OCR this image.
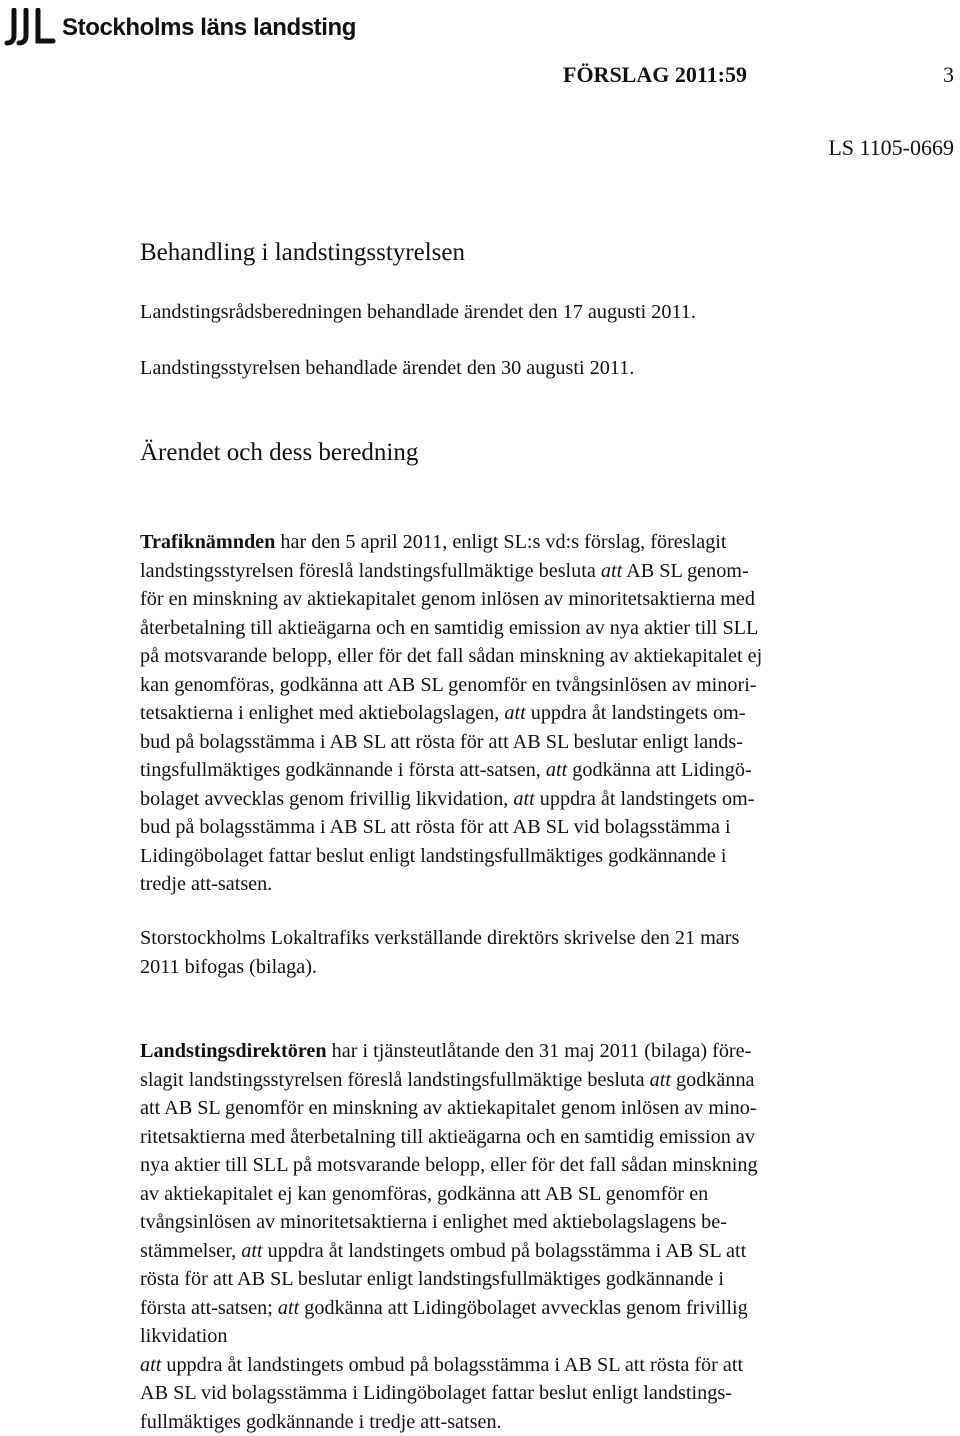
Stockholms läns landsting
FÖRSLAG 2011:59	3
LS 1105-0669

Behandling i landstingsstyrelsen

Landstingsrådsberedningen behandlade ärendet den 17 augusti 2011.

Landstingsstyrelsen behandlade ärendet den 30 augusti 2011.

Ärendet och dess beredning

Trafiknämnden har den 5 april 2011, enligt SL:s vd:s förslag, föreslagit
landstingsstyrelsen föreslå landstingsfullmäktige besluta att AB SL genom-
för en minskning av aktiekapitalet genom inlösen av minoritetsaktierna med
återbetalning till aktieägarna och en samtidig emission av nya aktier till SLL
på motsvarande belopp, eller för det fall sådan minskning av aktiekapitalet ej
kan genomföras, godkänna att AB SL genomför en tvångsinlösen av minori-
tetsaktierna i enlighet med aktiebolagslagen, att uppdra åt landstingets om-
bud på bolagsstämma i AB SL att rösta för att AB SL beslutar enligt lands-
tingsfullmäktiges godkännande i första att-satsen, att godkänna att Lidingö-
bolaget avvecklas genom frivillig likvidation, att uppdra åt landstingets om-
bud på bolagsstämma i AB SL att rösta för att AB SL vid bolagsstämma i
Lidingöbolaget fattar beslut enligt landstingsfullmäktiges godkännande i
tredje att-satsen.

Storstockholms Lokaltrafiks verkställande direktörs skrivelse den 21 mars
2011 bifogas (bilaga).

Landstingsdirektören har i tjänsteutlåtande den 31 maj 2011 (bilaga) före-
slagit landstingsstyrelsen föreslå landstingsfullmäktige besluta att godkänna
att AB SL genomför en minskning av aktiekapitalet genom inlösen av mino-
ritetsaktierna med återbetalning till aktieägarna och en samtidig emission av
nya aktier till SLL på motsvarande belopp, eller för det fall sådan minskning
av aktiekapitalet ej kan genomföras, godkänna att AB SL genomför en
tvångsinlösen av minoritetsaktierna i enlighet med aktiebolagslagens be-
stämmelser, att uppdra åt landstingets ombud på bolagsstämma i AB SL att
rösta för att AB SL beslutar enligt landstingsfullmäktiges godkännande i
första att-satsen; att godkänna att Lidingöbolaget avvecklas genom frivillig
likvidation
att uppdra åt landstingets ombud på bolagsstämma i AB SL att rösta för att
AB SL vid bolagsstämma i Lidingöbolaget fattar beslut enligt landstings-
fullmäktiges godkännande i tredje att-satsen.
